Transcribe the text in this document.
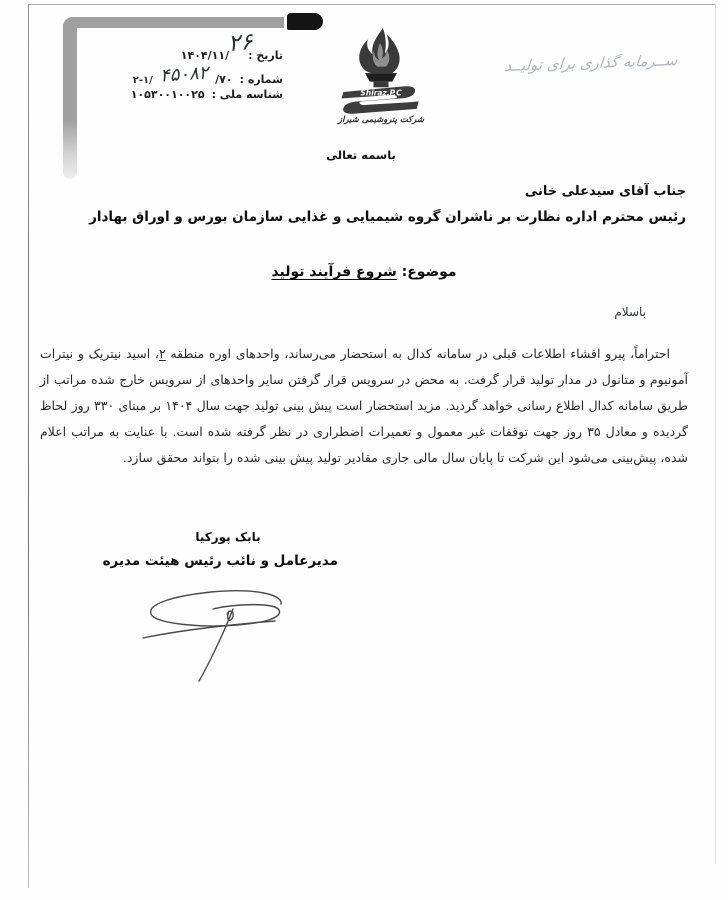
تاریخ :
۱۴۰۴/۱۱/
۲۶
شماره :
/۷۰
۴۵۰۸۲
۲-۱/
شناسه ملی :
۱۰۵۳۰۰۱۰۰۲۵	Shiraz.P.C
شرکت پتروشیمی شیراز
ســرمایه گذاری برای تولیــد
باسمه تعالی
جناب آقای سیدعلی خانی
رئیس محترم اداره نظارت بر ناشران گروه شیمیایی و غذایی سازمان بورس و اوراق بهادار
موضوع: شروع فرآیند تولید
باسلام

احتراماً، پیرو افشاء اطلاعات قبلی در سامانه کدال به استحضار می‌رساند، واحدهای اوره منطقه ۲، اسید نیتریک و نیترات آمونیوم و متانول در مدار تولید قرار گرفت. به محض در سرویس قرار گرفتن سایر واحدهای از سرویس خارج شده مراتب از طریق سامانه کدال اطلاع رسانی خواهد گردید. مزید استحضار است پیش بینی تولید جهت سال ۱۴۰۴ بر مبنای ۳۳۰ روز لحاظ گردیده و معادل ۳۵ روز جهت توقفات غیر معمول و تعمیرات اضطراری در نظر گرفته شده است. با عنایت به مراتب اعلام شده، پیش‌بینی می‌شود این شرکت تا پایان سال مالی جاری مقادیر تولید پیش بینی شده را بتواند محقق سازد.

بابک پورکیا
مدیرعامل و نائب رئیس هیئت مدیره
